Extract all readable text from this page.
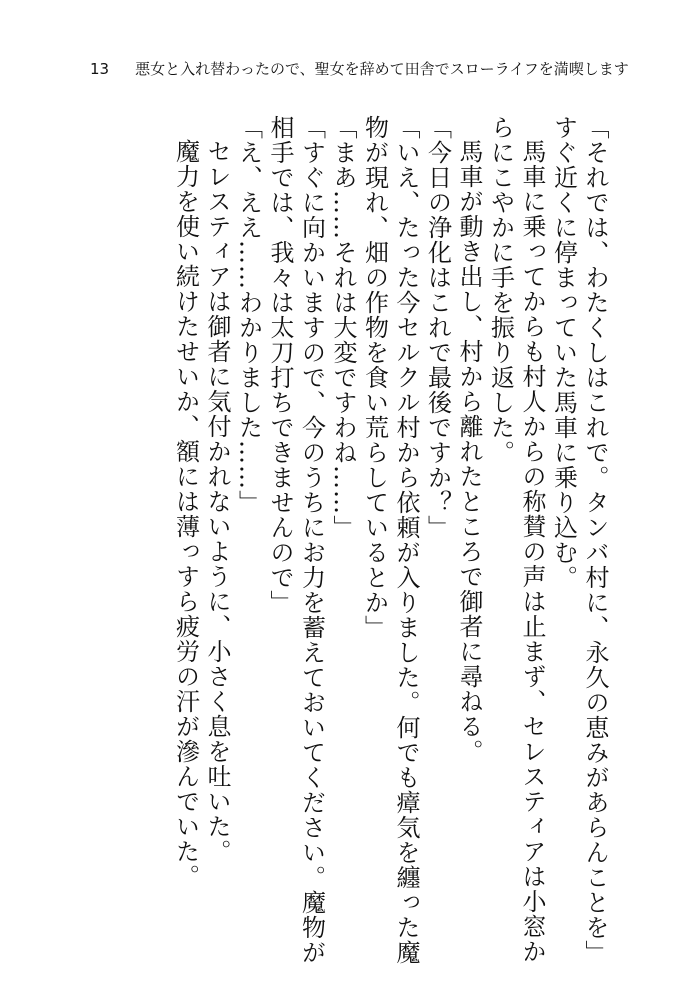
13 悪女と入れ替わったので、聖女を辞めて田舎でスローライフを満喫します

「それでは、わたくしはこれで。タンバ村に、永久の恵みがあらんことを」

すぐ近くに停まっていた馬車に乗り込む。

馬車に乗ってからも村人からの称賛の声は止まず、セレスティアは小窓からにこやかに手を振り返した。

馬車が動き出し、村から離れたところで御者に尋ねる。

「今日の浄化はこれで最後ですか？」

「いえ、たった今セルクル村から依頼が入りました。何でも瘴気を纏った魔物が現れ、畑の作物を食い荒らしているとか」

「まあ……それは大変ですわね……」

「すぐに向かいますので、今のうちにお力を蓄えておいてください。魔物が相手では、我々は太刀打ちできませんので」

「え、ええ……わかりました……」

セレスティアは御者に気付かれないように、小さく息を吐いた。

魔力を使い続けたせいか、額には薄っすら疲労の汗が滲んでいた。
